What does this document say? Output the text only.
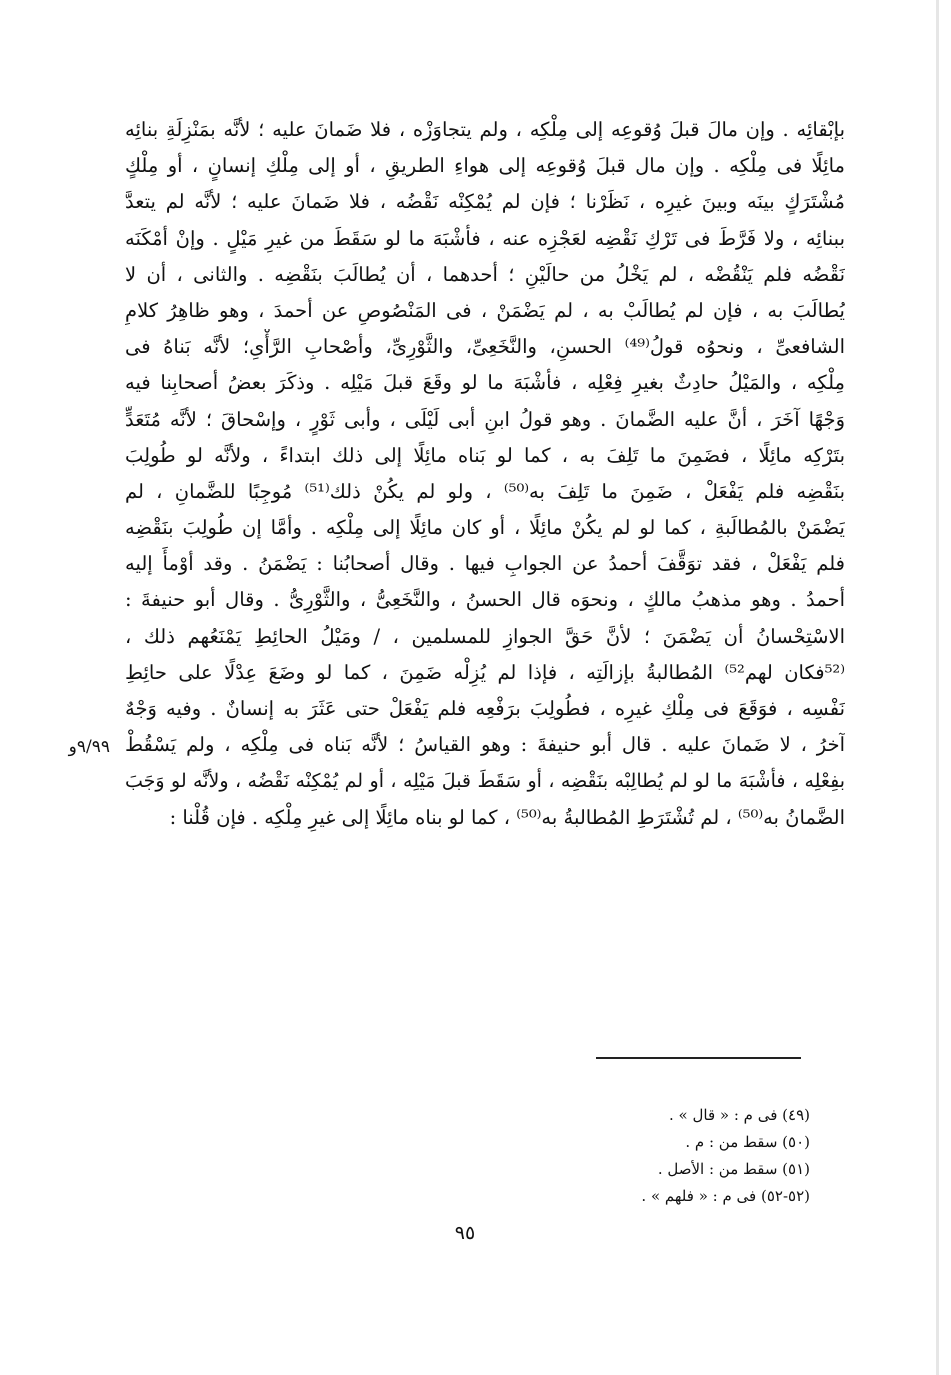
بإبْقائِه . وإن مالَ قبلَ وُقوعِه إلى مِلْكِه ، ولم يتجاوَزْه ، فلا ضَمانَ عليه ؛ لأنَّه بمَنْزِلَةِ بنائِه
مائِلًا فى مِلْكِه . وإن مال قبلَ وُقوعِه إلى هواءِ الطريقِ ، أو إلى مِلْكِ إنسانٍ ، أو مِلْكٍ
مُشْتَرَكٍ بينَه وبينَ غيرِه ، نَظَرْنا ؛ فإن لم يُمْكِنْه نَقْضُه ، فلا ضَمانَ عليه ؛ لأنَّه لم يتعدَّ
ببنائِه ، ولا فَرَّطَ فى تَرْكِ نَقْضِه لعَجْزِه عنه ، فأشْبَهَ ما لو سَقَطَ من غيرِ مَيْلٍ . وإنْ أمْكَنَه
نَقْضُه فلم يَنْقُضْه ، لم يَخْلُ من حالَيْنِ ؛ أحدهما ، أن يُطالَبَ بنَقْضِه . والثانى ، أن لا
يُطالَبَ به ، فإن لم يُطالَبْ به ، لم يَضْمَنْ ، فى المَنْصُوصِ عن أحمدَ ، وهو ظاهِرُ كلامِ
الشافعىِّ ، ونحوُه قولُ⁽⁴⁹⁾ الحسنِ، والنَّخَعِىِّ، والثَّوْرِىِّ، وأصْحابِ الرَّأْىِ؛ لأنَّه بَناهُ فى
مِلْكِه ، والمَيْلُ حادِثٌ بغيرِ فِعْلِه ، فأشْبَهَ ما لو وقَعَ قبلَ مَيْلِه . وذكَرَ بعضُ أصحابِنا فيه
وَجْهًا آخَرَ ، أنَّ عليه الضَّمانَ . وهو قولُ ابنِ أبى لَيْلَى ، وأبى ثَوْرٍ ، وإسْحاقَ ؛ لأنَّه مُتَعَدٍّ
بتَرْكِه مائِلًا ، فضَمِنَ ما تَلِفَ به ، كما لو بَناه مائِلًا إلى ذلك ابتداءً ، ولأنَّه لو طُولِبَ
بنَقْضِه فلم يَفْعَلْ ، ضَمِنَ ما تَلِفَ به⁽⁵⁰⁾ ، ولو لم يكُنْ ذلك⁽⁵¹⁾ مُوجِبًا للضَّمانِ ، لم
يَضْمَنْ بالمُطالَبةِ ، كما لو لم يكُنْ مائِلًا ، أو كان مائِلًا إلى مِلْكِه . وأمَّا إن طُولِبَ بنَقْضِه
فلم يَفْعَلْ ، فقد توَقَّفَ أحمدُ عن الجوابِ فيها . وقال أصحابُنا : يَضْمَنُ . وقد أوْمأَ إليه
أحمدُ . وهو مذهبُ مالكٍ ، ونحوَه قال الحسنُ ، والنَّخَعِىُّ ، والثَّوْرِىُّ . وقال أبو حنيفةَ :
الاسْتِحْسانُ أن يَضْمَنَ ؛ لأنَّ حَقَّ الجوازِ للمسلمين ، / ومَيْلُ الحائِطِ يَمْنَعُهم ذلك ،
⁽⁵²فكان لهم⁵²⁾ المُطالبةُ بإزالَتِه ، فإذا لم يُزِلْه ضَمِنَ ، كما لو وضَعَ عِدْلًا على حائِطِ
نَفْسِه ، فوَقَعَ فى مِلْكِ غيرِه ، فطُولِبَ برَفْعِه فلم يَفْعَلْ حتى عَثَرَ به إنسانٌ . وفيه وَجْهٌ
آخرُ ، لا ضَمانَ عليه . قال أبو حنيفةَ : وهو القياسُ ؛ لأنَّه بَناه فى مِلْكِه ، ولم يَسْقُطْ
بفِعْلِه ، فأشْبَهَ ما لو لم يُطالِبْه بنَقْضِه ، أو سَقَطَ قبلَ مَيْلِه ، أو لم يُمْكِنْه نَقْضُه ، ولأنَّه لو وَجَبَ
الضَّمانُ به⁽⁵⁰⁾ ، لم تُشْتَرَطِ المُطالبةُ به⁽⁵⁰⁾ ، كما لو بناه مائِلًا إلى غيرِ مِلْكِه . فإن قُلْنا :
٩/٩٩و
(٤٩) فى م : « قال » .
(٥٠) سقط من : م .
(٥١) سقط من : الأصل .
(٥٢-٥٢) فى م : « فلهم » .
٩٥
